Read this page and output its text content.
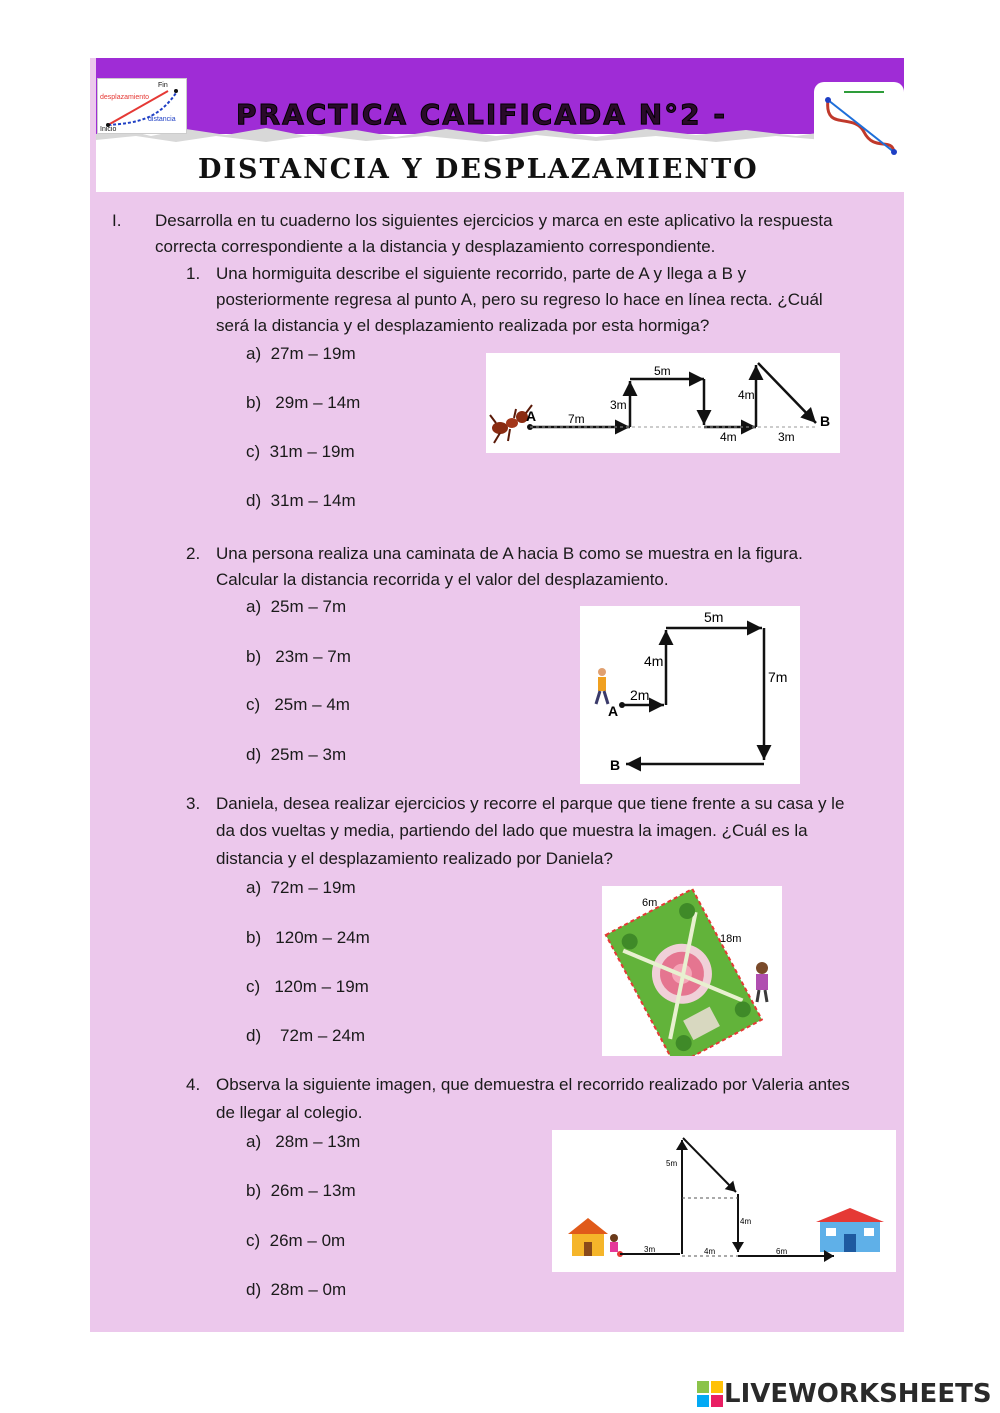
Fin
Inicio
desplazamiento
distancia PRACTICA CALIFICADA N°2 -
DISTANCIA Y DESPLAZAMIENTO
I. Desarrolla en tu cuaderno los siguientes ejercicios y marca en este aplicativo la respuesta
correcta correspondiente a la distancia y desplazamiento correspondiente.
1. Una hormiguita describe el siguiente recorrido, parte de A y llega a B y
posteriormente regresa al punto A, pero su regreso lo hace en línea recta. ¿Cuál
será la distancia y el desplazamiento realizada por esta hormiga?
a) 27m – 19m
b) 29m – 14m
c) 31m – 19m
d) 31m – 14m
A	B
7m
3m
5m
4m
4m
3m
2. Una persona realiza una caminata de A hacia B como se muestra en la figura.
Calcular la distancia recorrida y el valor del desplazamiento.
a) 25m – 7m
b) 23m – 7m
c) 25m – 4m
d) 25m – 3m
A
B
2m
4m
5m
7m
3. Daniela, desea realizar ejercicios y recorre el parque que tiene frente a su casa y le
da dos vueltas y media, partiendo del lado que muestra la imagen. ¿Cuál es la
distancia y el desplazamiento realizado por Daniela?
a) 72m – 19m
b) 120m – 24m
c) 120m – 19m
d) 72m – 24m
6m
18m
4. Observa la siguiente imagen, que demuestra el recorrido realizado por Valeria antes
de llegar al colegio.
a) 28m – 13m
b) 26m – 13m
c) 26m – 0m
d) 28m – 0m
3m
5m
4m
4m	6m
LIVEWORKSHEETS
